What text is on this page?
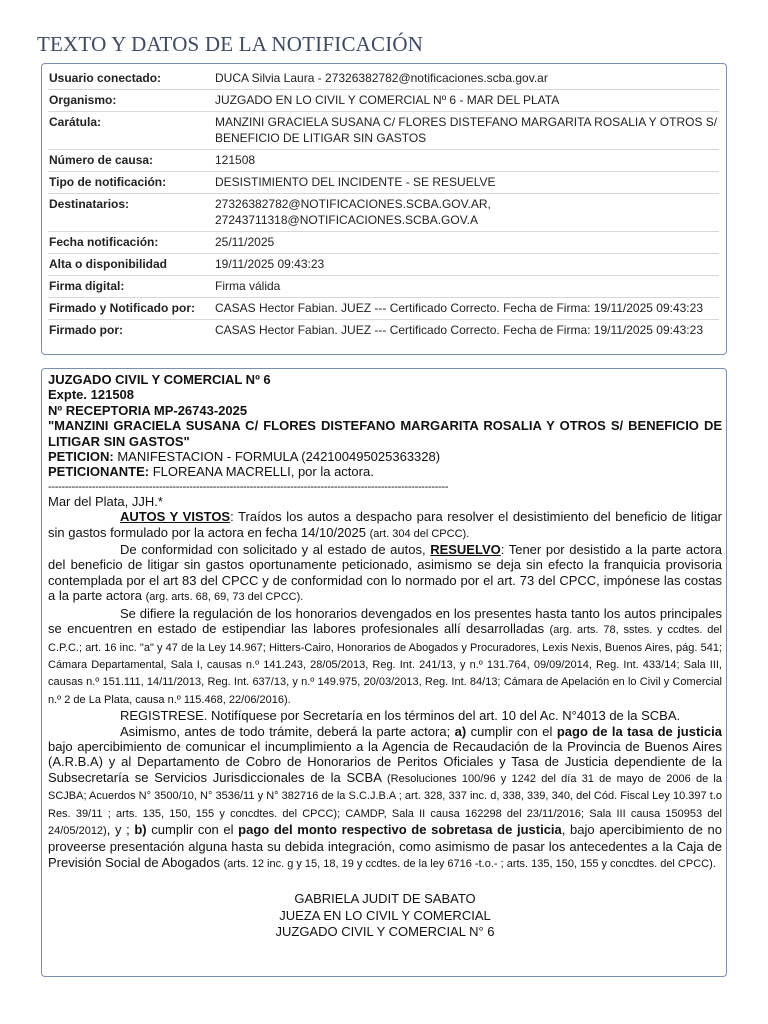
TEXTO Y DATOS DE LA NOTIFICACIÓN
Usuario conectado:	DUCA Silvia Laura - 27326382782@notificaciones.scba.gov.ar
Organismo:	JUZGADO EN LO CIVIL Y COMERCIAL Nº 6 - MAR DEL PLATA
Carátula:	MANZINI GRACIELA SUSANA C/ FLORES DISTEFANO MARGARITA ROSALIA Y OTROS S/ BENEFICIO DE LITIGAR SIN GASTOS
Número de causa:	121508
Tipo de notificación:	DESISTIMIENTO DEL INCIDENTE - SE RESUELVE
Destinatarios:	27326382782@NOTIFICACIONES.SCBA.GOV.AR, 27243711318@NOTIFICACIONES.SCBA.GOV.A
Fecha notificación:	25/11/2025
Alta o disponibilidad	19/11/2025 09:43:23
Firma digital:	Firma válida
Firmado y Notificado por:	CASAS Hector Fabian. JUEZ --- Certificado Correcto. Fecha de Firma: 19/11/2025 09:43:23
Firmado por:	CASAS Hector Fabian. JUEZ --- Certificado Correcto. Fecha de Firma: 19/11/2025 09:43:23

JUZGADO CIVIL Y COMERCIAL Nº 6

Expte. 121508

Nº RECEPTORIA MP-26743-2025

"MANZINI GRACIELA SUSANA C/ FLORES DISTEFANO MARGARITA ROSALIA Y OTROS S/ BENEFICIO DE LITIGAR SIN GASTOS"

PETICION: MANIFESTACION - FORMULA (242100495025363328)

PETICIONANTE: FLOREANA MACRELLI, por la actora.

-----------------------------------------------------------------------------------------------------------------------

Mar del Plata, JJH.*

AUTOS Y VISTOS: Traídos los autos a despacho para resolver el desistimiento del beneficio de litigar sin gastos formulado por la actora en fecha 14/10/2025 (art. 304 del CPCC).

De conformidad con solicitado y al estado de autos, RESUELVO: Tener por desistido a la parte actora del beneficio de litigar sin gastos oportunamente peticionado, asimismo se deja sin efecto la franquicia provisoria contemplada por el art 83 del CPCC y de conformidad con lo normado por el art. 73 del CPCC, impónese las costas a la parte actora (arg. arts. 68, 69, 73 del CPCC).

Se difiere la regulación de los honorarios devengados en los presentes hasta tanto los autos principales se encuentren en estado de estipendiar las labores profesionales allí desarrolladas (arg. arts. 78, sstes. y ccdtes. del C.P.C.; art. 16 inc. "a" y 47 de la Ley 14.967; Hitters-Cairo, Honorarios de Abogados y Procuradores, Lexis Nexis, Buenos Aires, pág. 541; Cámara Departamental, Sala I, causas n.º 141.243, 28/05/2013, Reg. Int. 241/13, y n.º 131.764, 09/09/2014, Reg. Int. 433/14; Sala III, causas n.º 151.111, 14/11/2013, Reg. Int. 637/13, y n.º 149.975, 20/03/2013, Reg. Int. 84/13; Cámara de Apelación en lo Civil y Comercial n.º 2 de La Plata, causa n.º 115.468, 22/06/2016).

REGISTRESE. Notifíquese por Secretaría en los términos del art. 10 del Ac. N°4013 de la SCBA.

Asimismo, antes de todo trámite, deberá la parte actora; a) cumplir con el pago de la tasa de justicia bajo apercibimiento de comunicar el incumplimiento a la Agencia de Recaudación de la Provincia de Buenos Aires (A.R.B.A) y al Departamento de Cobro de Honorarios de Peritos Oficiales y Tasa de Justicia dependiente de la Subsecretaría se Servicios Jurisdiccionales de la SCBA (Resoluciones 100/96 y 1242 del día 31 de mayo de 2006 de la SCJBA; Acuerdos N° 3500/10, N° 3536/11 y N° 382716 de la S.C.J.B.A ; art. 328, 337 inc. d, 338, 339, 340, del Cód. Fiscal Ley 10.397 t.o Res. 39/11 ; arts. 135, 150, 155 y concdtes. del CPCC); CAMDP, Sala II causa 162298 del 23/11/2016; Sala III causa 150953 del 24/05/2012), y ; b) cumplir con el pago del monto respectivo de sobretasa de justicia, bajo apercibimiento de no proveerse presentación alguna hasta su debida integración, como asimismo de pasar los antecedentes a la Caja de Previsión Social de Abogados (arts. 12 inc. g y 15, 18, 19 y ccdtes. de la ley 6716 -t.o.- ; arts. 135, 150, 155 y concdtes. del CPCC).

GABRIELA JUDIT DE SABATO

JUEZA EN LO CIVIL Y COMERCIAL

JUZGADO CIVIL Y COMERCIAL N° 6
